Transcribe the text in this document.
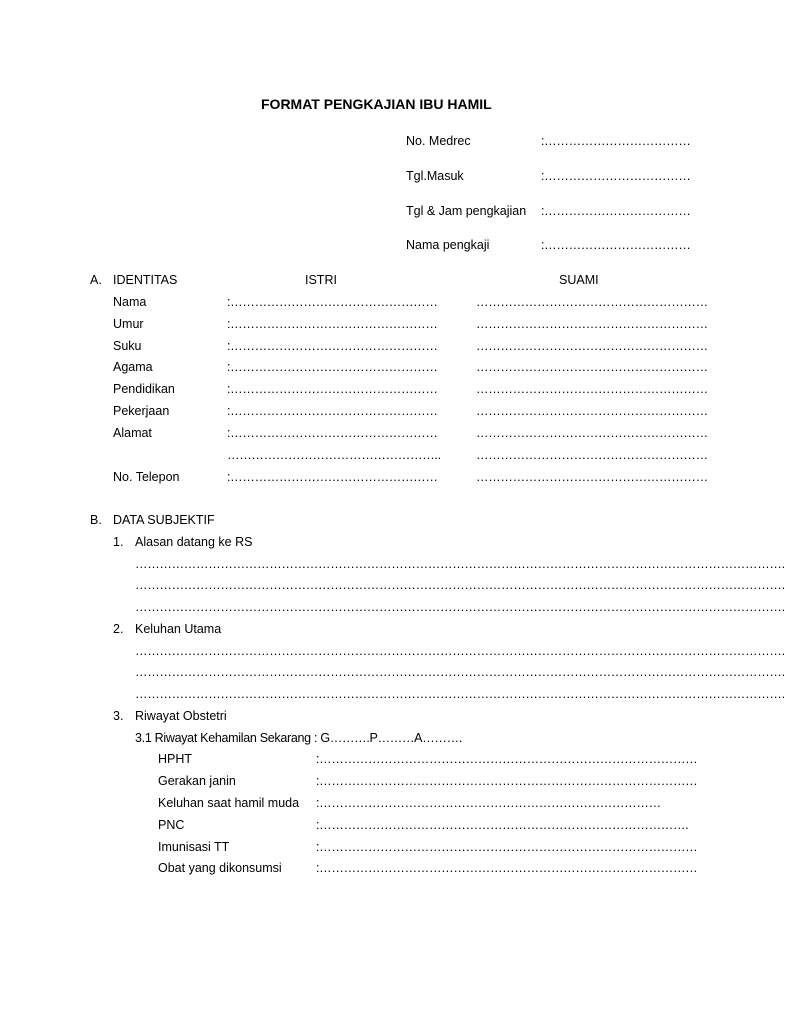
FORMAT PENGKAJIAN IBU HAMIL
No. Medrec	:………………………………
Tgl.Masuk	:………………………………
Tgl & Jam pengkajian :………………………………
Nama pengkaji	:………………………………
A. IDENTITAS	ISTRI	SUAMI
Nama	:……………………………………………	…………………………………………………
Umur	:……………………………………………	…………………………………………………
Suku	:……………………………………………	…………………………………………………
Agama	:……………………………………………	…………………………………………………
Pendidikan	:……………………………………………	…………………………………………………
Pekerjaan	:……………………………………………	…………………………………………………
Alamat	:……………………………………………	…………………………………………………
……………………………………………..	…………………………………………………
No. Telepon	:……………………………………………	…………………………………………………
B. DATA SUBJEKTIF
1. Alasan datang ke RS
…………………………………………………………………………………………………………………………………………….
…………………………………………………………………………………………………………………………………………….
…………………………………………………………………………………………………………………………………………….
2. Keluhan Utama
…………………………………………………………………………………………………………………………………………….
…………………………………………………………………………………………………………………………………………….
…………………………………………………………………………………………………………………………………………….
3. Riwayat Obstetri
3.1 Riwayat Kehamilan Sekarang : G……….P………A……….
HPHT	:…………………………………………………………………………………
Gerakan janin	:…………………………………………………………………………………
Keluhan saat hamil muda :…………………………………………………………………………
PNC	:……………………………………………………………………………….
Imunisasi TT	:…………………………………………………………………………………
Obat yang dikonsumsi	:…………………………………………………………………………………
